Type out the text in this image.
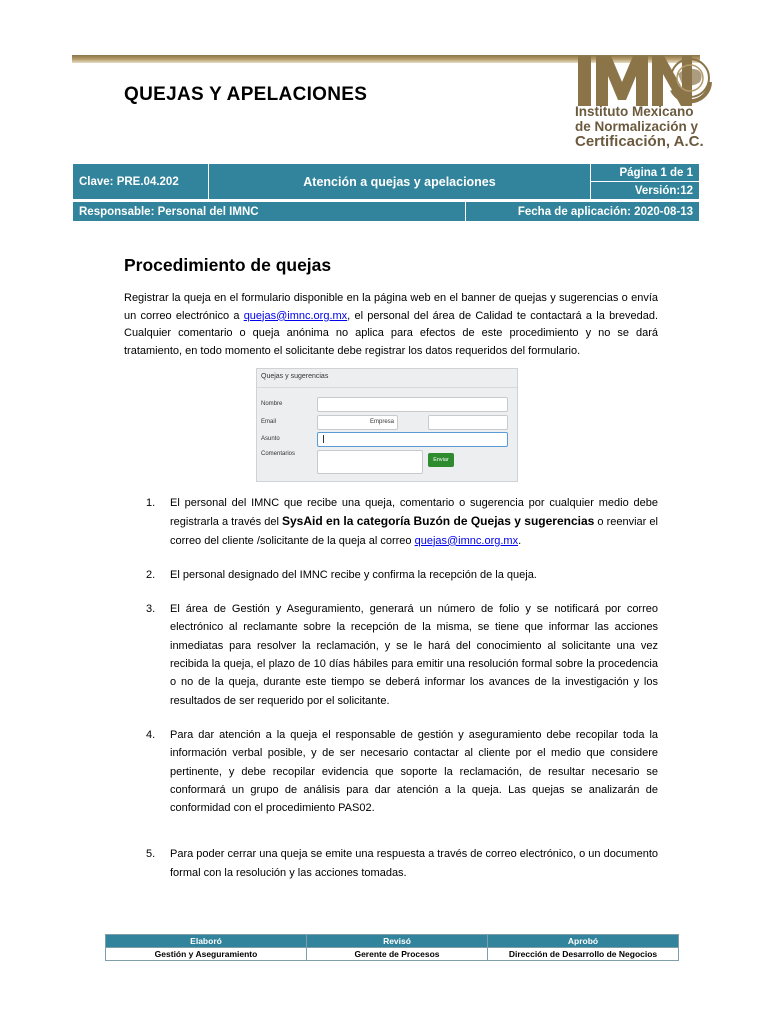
QUEJAS Y APELACIONES
Instituto Mexicano
de Normalización y
Certificación, A.C.
Clave: PRE.04.202	Atención a quejas y apelaciones	Página 1 de 1
Versión:12
Responsable: Personal del IMNC	Fecha de aplicación: 2020-08-13
Procedimiento de quejas
Registrar la queja en el formulario disponible en la página web en el banner de quejas y sugerencias o envía un correo electrónico a quejas@imnc.org.mx, el personal del área de Calidad te contactará a la brevedad. Cualquier comentario o queja anónima no aplica para efectos de este procedimiento y no se dará tratamiento, en todo momento el solicitante debe registrar los datos requeridos del formulario.
Quejas y sugerencias
Nombre
Email	Empresa
Asunto
Comentarios
Enviar
1. El personal del IMNC que recibe una queja, comentario o sugerencia por cualquier medio debe registrarla a través del SysAid en la categoría Buzón de Quejas y sugerencias o reenviar el correo del cliente /solicitante de la queja al correo quejas@imnc.org.mx.
2. El personal designado del IMNC recibe y confirma la recepción de la queja.
3. El área de Gestión y Aseguramiento, generará un número de folio y se notificará por correo electrónico al reclamante sobre la recepción de la misma, se tiene que informar las acciones inmediatas para resolver la reclamación, y se le hará del conocimiento al solicitante una vez recibida la queja, el plazo de 10 días hábiles para emitir una resolución formal sobre la procedencia o no de la queja, durante este tiempo se deberá informar los avances de la investigación y los resultados de ser requerido por el solicitante.
4. Para dar atención a la queja el responsable de gestión y aseguramiento debe recopilar toda la información verbal posible, y de ser necesario contactar al cliente por el medio que considere pertinente, y debe recopilar evidencia que soporte la reclamación, de resultar necesario se conformará un grupo de análisis para dar atención a la queja. Las quejas se analizarán de conformidad con el procedimiento PAS02.
5. Para poder cerrar una queja se emite una respuesta a través de correo electrónico, o un documento formal con la resolución y las acciones tomadas.
Elaboró	Revisó	Aprobó
Gestión y Aseguramiento	Gerente de Procesos	Dirección de Desarrollo de Negocios
